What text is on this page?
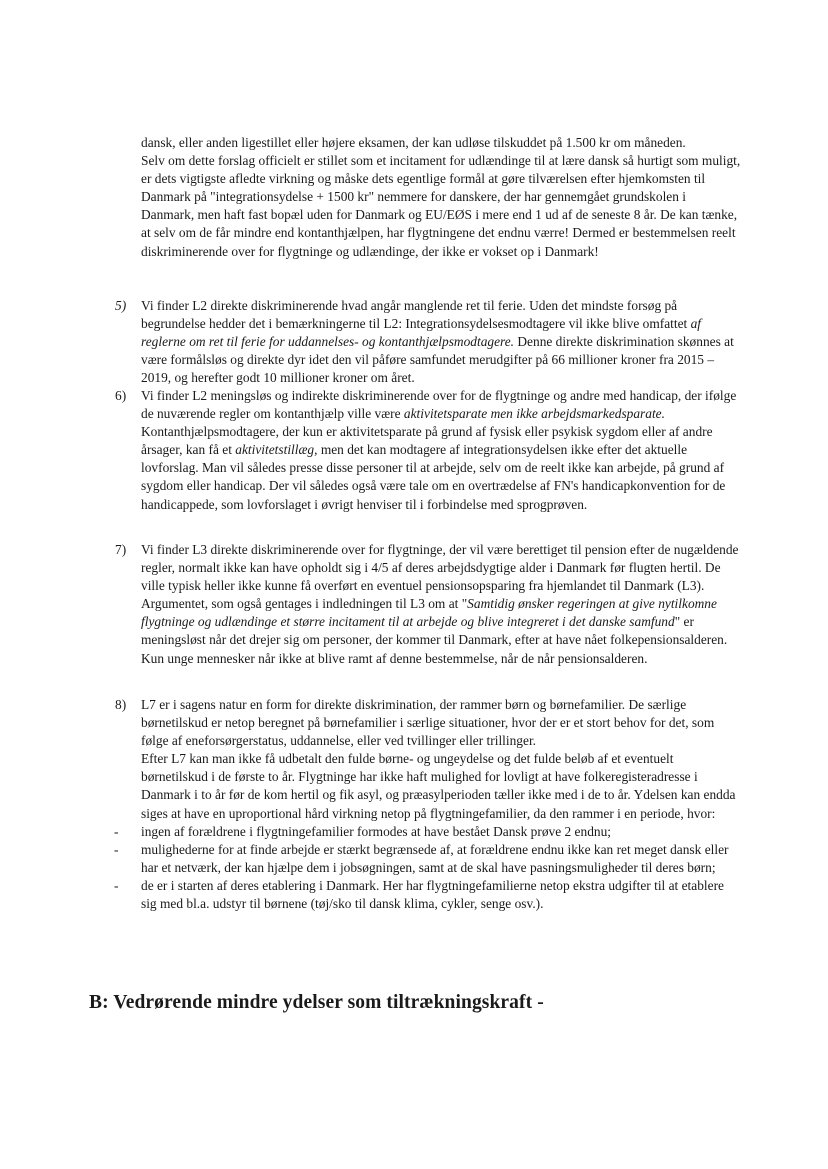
dansk, eller anden ligestillet eller højere eksamen, der kan udløse tilskuddet på 1.500 kr om måneden.

Selv om dette forslag officielt er stillet som et incitament for udlændinge til at lære dansk så hurtigt som muligt, er dets vigtigste afledte virkning og måske dets egentlige formål at gøre tilværelsen efter hjemkomsten til Danmark på "integrationsydelse + 1500 kr" nemmere for danskere, der har gennemgået grundskolen i Danmark, men haft fast bopæl uden for Danmark og EU/EØS i mere end 1 ud af de seneste 8 år. De kan tænke, at selv om de får mindre end kontanthjælpen, har flygtningene det endnu værre! Dermed er bestemmelsen reelt diskriminerende over for flygtninge og udlændinge, der ikke er vokset op i Danmark!

5) Vi finder L2 direkte diskriminerende hvad angår manglende ret til ferie. Uden det mindste forsøg på begrundelse hedder det i bemærkningerne til L2: Integrationsydelsesmodtagere vil ikke blive omfattet af reglerne om ret til ferie for uddannelses- og kontanthjælpsmodtagere. Denne direkte diskrimination skønnes at være formålsløs og direkte dyr idet den vil påføre samfundet merudgifter på 66 millioner kroner fra 2015 – 2019, og herefter godt 10 millioner kroner om året.

6) Vi finder L2 meningsløs og indirekte diskriminerende over for de flygtninge og andre med handicap, der ifølge de nuværende regler om kontanthjælp ville være aktivitetsparate men ikke arbejdsmarkedsparate. Kontanthjælpsmodtagere, der kun er aktivitetsparate på grund af fysisk eller psykisk sygdom eller af andre årsager, kan få et aktivitetstillæg, men det kan modtagere af integrationsydelsen ikke efter det aktuelle lovforslag. Man vil således presse disse personer til at arbejde, selv om de reelt ikke kan arbejde, på grund af sygdom eller handicap. Der vil således også være tale om en overtrædelse af FN's handicapkonvention for de handicappede, som lovforslaget i øvrigt henviser til i forbindelse med sprogprøven.

7) Vi finder L3 direkte diskriminerende over for flygtninge, der vil være berettiget til pension efter de nugældende regler, normalt ikke kan have opholdt sig i 4/5 af deres arbejdsdygtige alder i Danmark før flugten hertil. De ville typisk heller ikke kunne få overført en eventuel pensionsopsparing fra hjemlandet til Danmark (L3). Argumentet, som også gentages i indledningen til L3 om at "Samtidig ønsker regeringen at give nytilkomne flygtninge og udlændinge et større incitament til at arbejde og blive integreret i det danske samfund" er meningsløst når det drejer sig om personer, der kommer til Danmark, efter at have nået folkepensionsalderen. Kun unge mennesker når ikke at blive ramt af denne bestemmelse, når de når pensionsalderen.

8) L7 er i sagens natur en form for direkte diskrimination, der rammer børn og børnefamilier. De særlige børnetilskud er netop beregnet på børnefamilier i særlige situationer, hvor der er et stort behov for det, som følge af eneforsørgerstatus, uddannelse, eller ved tvillinger eller trillinger.

Efter L7 kan man ikke få udbetalt den fulde børne- og ungeydelse og det fulde beløb af et eventuelt børnetilskud i de første to år. Flygtninge har ikke haft mulighed for lovligt at have folkeregisteradresse i Danmark i to år før de kom hertil og fik asyl, og præasylperioden tæller ikke med i de to år. Ydelsen kan endda siges at have en uproportional hård virkning netop på flygtningefamilier, da den rammer i en periode, hvor:

- ingen af forældrene i flygtningefamilier formodes at have bestået Dansk prøve 2 endnu;

- mulighederne for at finde arbejde er stærkt begrænsede af, at forældrene endnu ikke kan ret meget dansk eller har et netværk, der kan hjælpe dem i jobsøgningen, samt at de skal have pasningsmuligheder til deres børn;

- de er i starten af deres etablering i Danmark. Her har flygtningefamilierne netop ekstra udgifter til at etablere sig med bl.a. udstyr til børnene (tøj/sko til dansk klima, cykler, senge osv.).

B: Vedrørende mindre ydelser som tiltrækningskraft -
